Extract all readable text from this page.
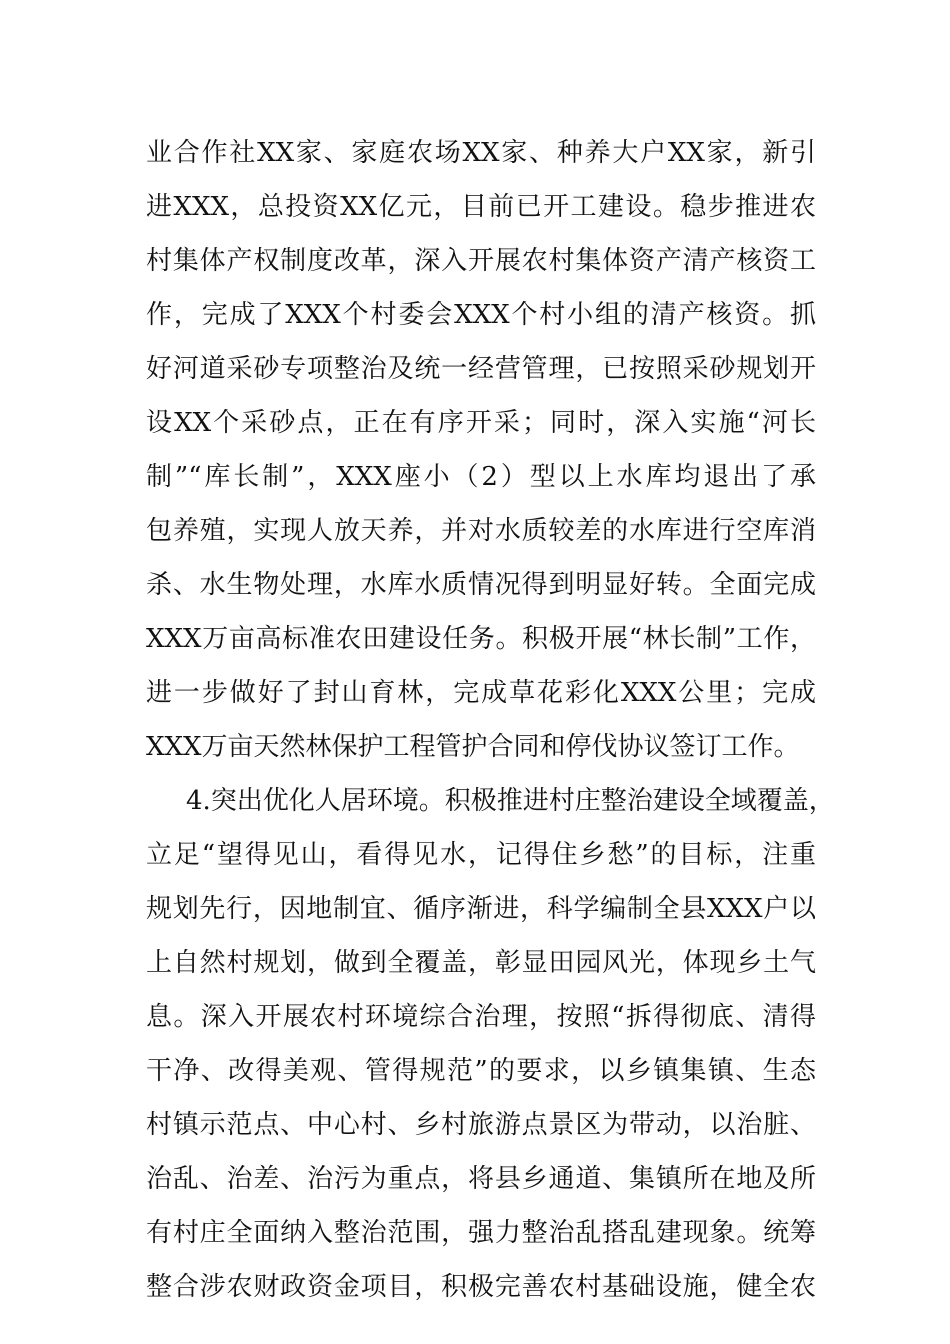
业合作社XX家、家庭农场XX家、种养大户XX家，新引
进XXX，总投资XX亿元，目前已开工建设。稳步推进农
村集体产权制度改革，深入开展农村集体资产清产核资工
作，完成了XXX个村委会XXX个村小组的清产核资。抓
好河道采砂专项整治及统一经营管理，已按照采砂规划开
设XX个采砂点，正在有序开采；同时，深入实施“河长
制”“库长制”，XXX座小（2）型以上水库均退出了承
包养殖，实现人放天养，并对水质较差的水库进行空库消
杀、水生物处理，水库水质情况得到明显好转。全面完成
XXX万亩高标准农田建设任务。积极开展“林长制”工作，
进一步做好了封山育林，完成草花彩化XXX公里；完成
XXX万亩天然林保护工程管护合同和停伐协议签订工作。
4.突出优化人居环境。积极推进村庄整治建设全域覆盖，
立足“望得见山，看得见水，记得住乡愁”的目标，注重
规划先行，因地制宜、循序渐进，科学编制全县XXX户以
上自然村规划，做到全覆盖，彰显田园风光，体现乡土气
息。深入开展农村环境综合治理，按照“拆得彻底、清得
干净、改得美观、管得规范”的要求，以乡镇集镇、生态
村镇示范点、中心村、乡村旅游点景区为带动，以治脏、
治乱、治差、治污为重点，将县乡通道、集镇所在地及所
有村庄全面纳入整治范围，强力整治乱搭乱建现象。统筹
整合涉农财政资金项目，积极完善农村基础设施，健全农
